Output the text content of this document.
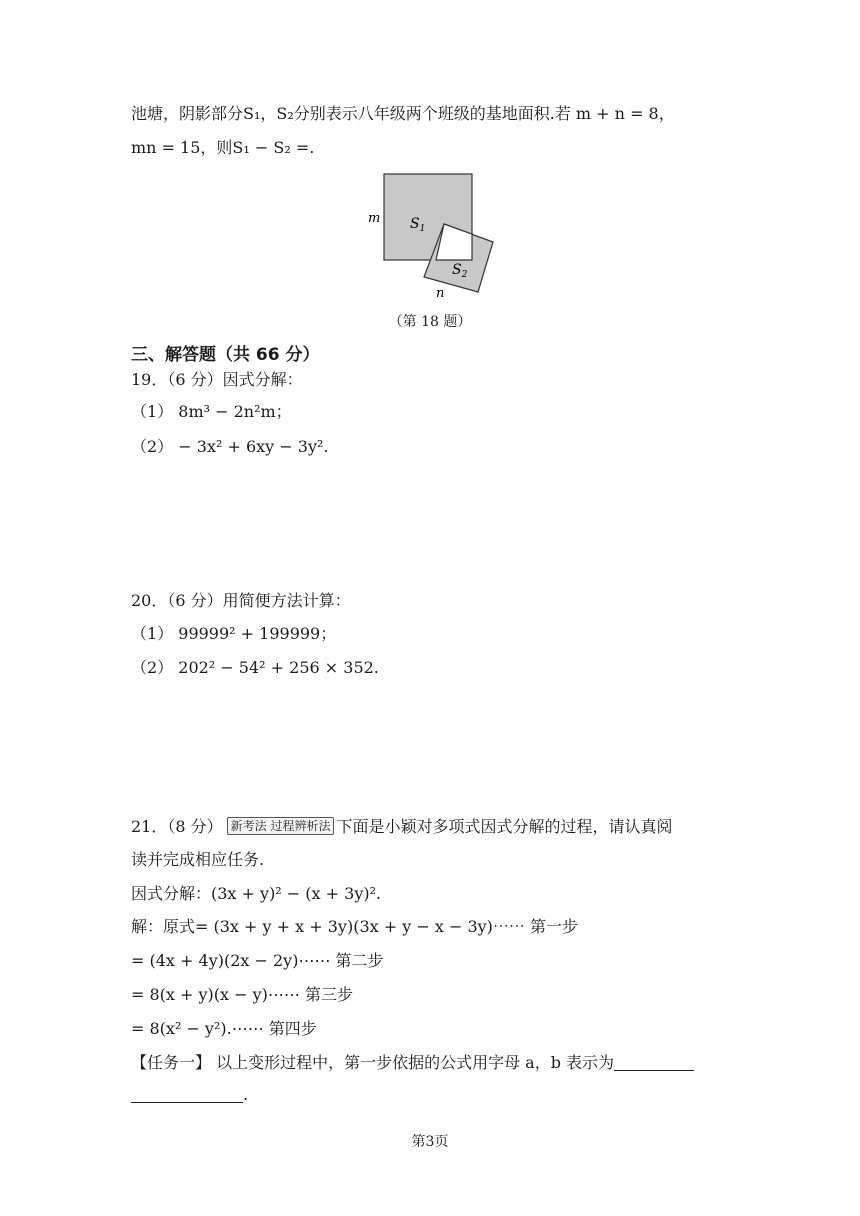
池塘，阴影部分S₁，S₂分别表示八年级两个班级的基地面积.若 m + n = 8，
mn = 15，则S₁ − S₂ =.
m $S_1$
$S_2$
n
（第 18 题）
三、解答题（共 66 分）
19．（6 分）因式分解：
（1） 8m³ − 2n²m；
（2） − 3x² + 6xy − 3y².
20．（6 分）用简便方法计算：
（1） 99999² + 199999；
（2） 202² − 54² + 256 × 352.
21．（8 分） 新考法 过程辨析法 下面是小颖对多项式因式分解的过程，请认真阅
读并完成相应任务.
因式分解：(3x + y)² − (x + 3y)².
解：原式= (3x + y + x + 3y)(3x + y − x − 3y)⋯⋯ 第一步
= (4x + 4y)(2x − 2y)⋯⋯ 第二步
= 8(x + y)(x − y)⋯⋯ 第三步
= 8(x² − y²).⋯⋯ 第四步
【任务一】 以上变形过程中，第一步依据的公式用字母 a，b 表示为
.
第3页
